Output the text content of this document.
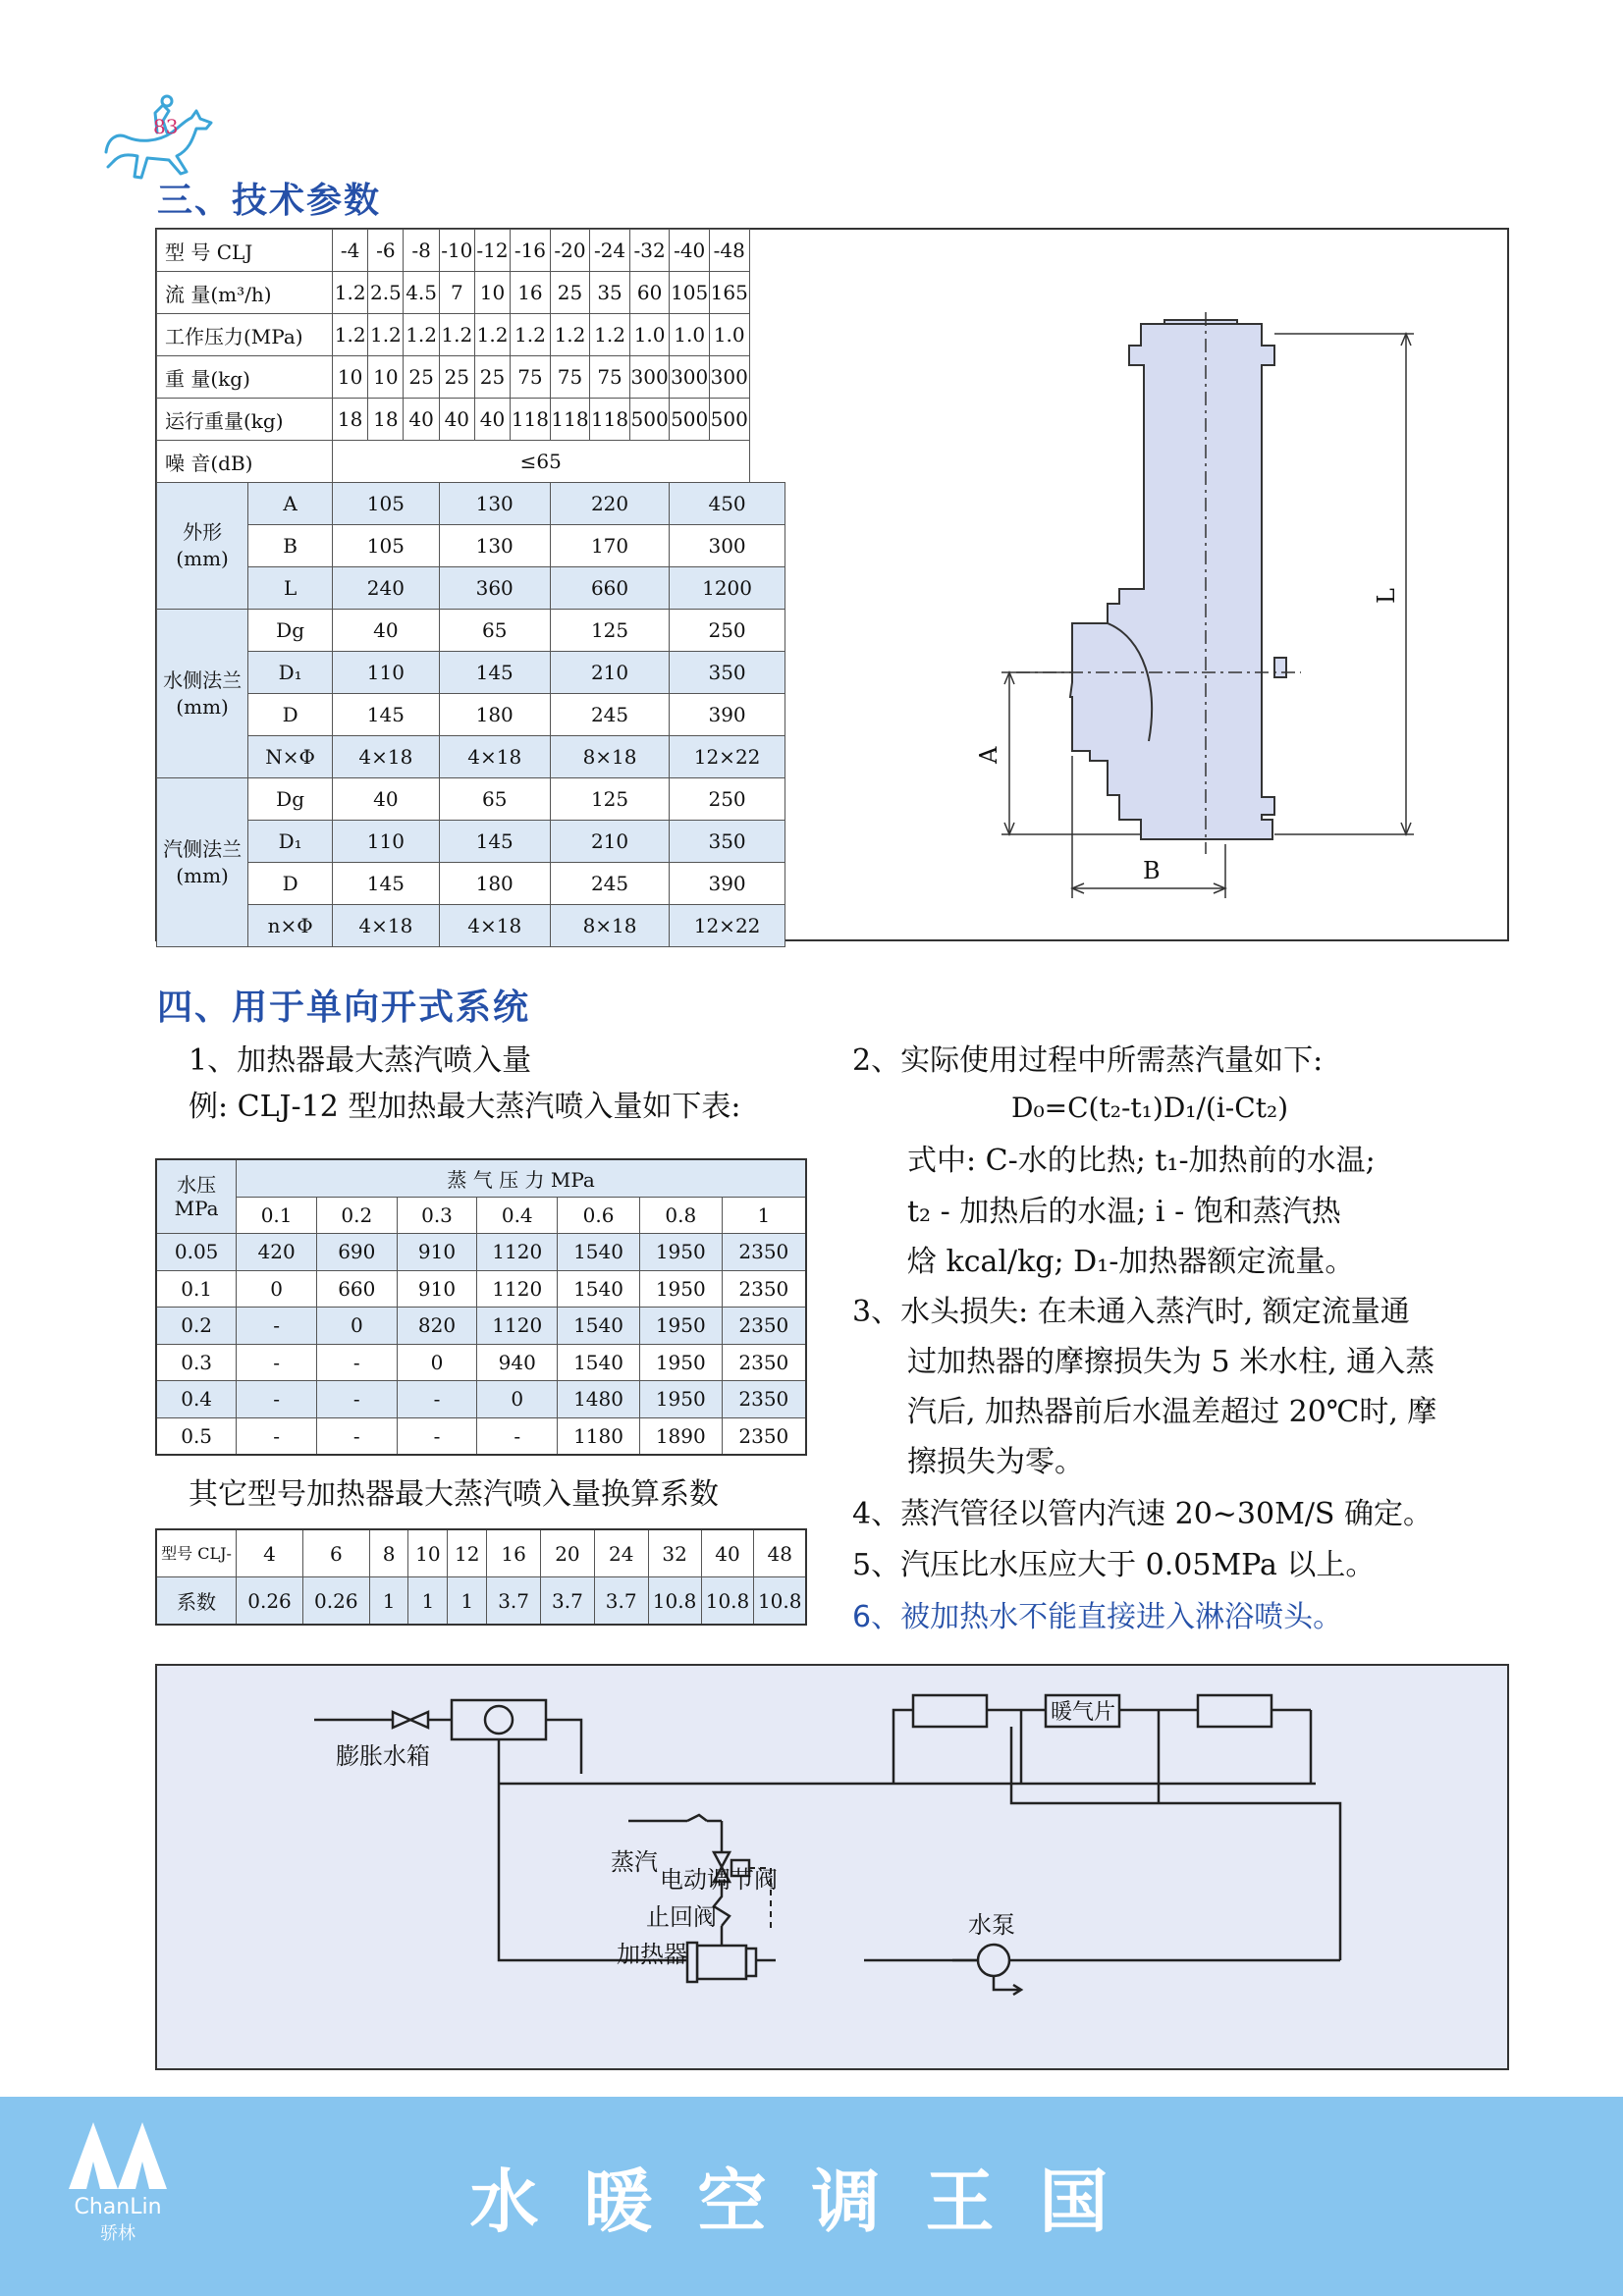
83
三、技术参数
型 号 CLJ		-4	-6	-8	-10	-12	-16	-20	-24	-32	-40	-48
流 量(m³/h)		1.2	2.5	4.5	7	10	16	25	35	60	105	165
工作压力(MPa)		1.2	1.2	1.2	1.2	1.2	1.2	1.2	1.2	1.0	1.0	1.0
重 量(kg)		10	10	25	25	25	75	75	75	300	300	300
运行重量(kg)		18	18	40	40	40	118	118	118	500	500	500
噪 音(dB)		≤65										
外形(mm)	A	105			130			220			450	
	B	105			130			170			300	
	L	240			360			660			1200	
水侧法兰(mm)	Dg	40			65			125			250	
	D₁	110			145			210			350	
	D	145			180			245			390	
	N×Φ	4×18			4×18			8×18			12×22	
汽侧法兰(mm)	Dg	40			65			125			250	
	D₁	110			145			210			350	
	D	145			180			245			390	
	n×Φ	4×18			4×18			8×18			12×22	
L
A
B
四、用于单向开式系统
1、加热器最大蒸汽喷入量
例: CLJ-12 型加热最大蒸汽喷入量如下表:
水压 MPa	蒸 气 压 力 MPa						
	0.1	0.2	0.3	0.4	0.6	0.8	1
0.05	420	690	910	1120	1540	1950	2350
0.1	0	660	910	1120	1540	1950	2350
0.2	-	0	820	1120	1540	1950	2350
0.3	-	-	0	940	1540	1950	2350
0.4	-	-	-	0	1480	1950	2350
0.5	-	-	-	-	1180	1890	2350
其它型号加热器最大蒸汽喷入量换算系数
型号 CLJ-	4	6	8	10	12	16	20	24	32	40	48
系数	0.26	0.26	1	1	1	3.7	3.7	3.7	10.8	10.8	10.8
2、实际使用过程中所需蒸汽量如下:
D₀=C(t₂-t₁)D₁/(i-Ct₂)
式中: C-水的比热; t₁-加热前的水温;
t₂ - 加热后的水温; i - 饱和蒸汽热
焓 kcal/kg; D₁-加热器额定流量。
3、水头损失: 在未通入蒸汽时, 额定流量通
过加热器的摩擦损失为 5 米水柱, 通入蒸
汽后, 加热器前后水温差超过 20℃时, 摩
擦损失为零。
4、蒸汽管径以管内汽速 20~30M/S 确定。
5、汽压比水压应大于 0.05MPa 以上。
6、被加热水不能直接进入淋浴喷头。
膨胀水箱
暖气片
蒸汽
电动调节阀
止回阀
加热器
水泵
ChanLin
骄林	水暖空调王国
